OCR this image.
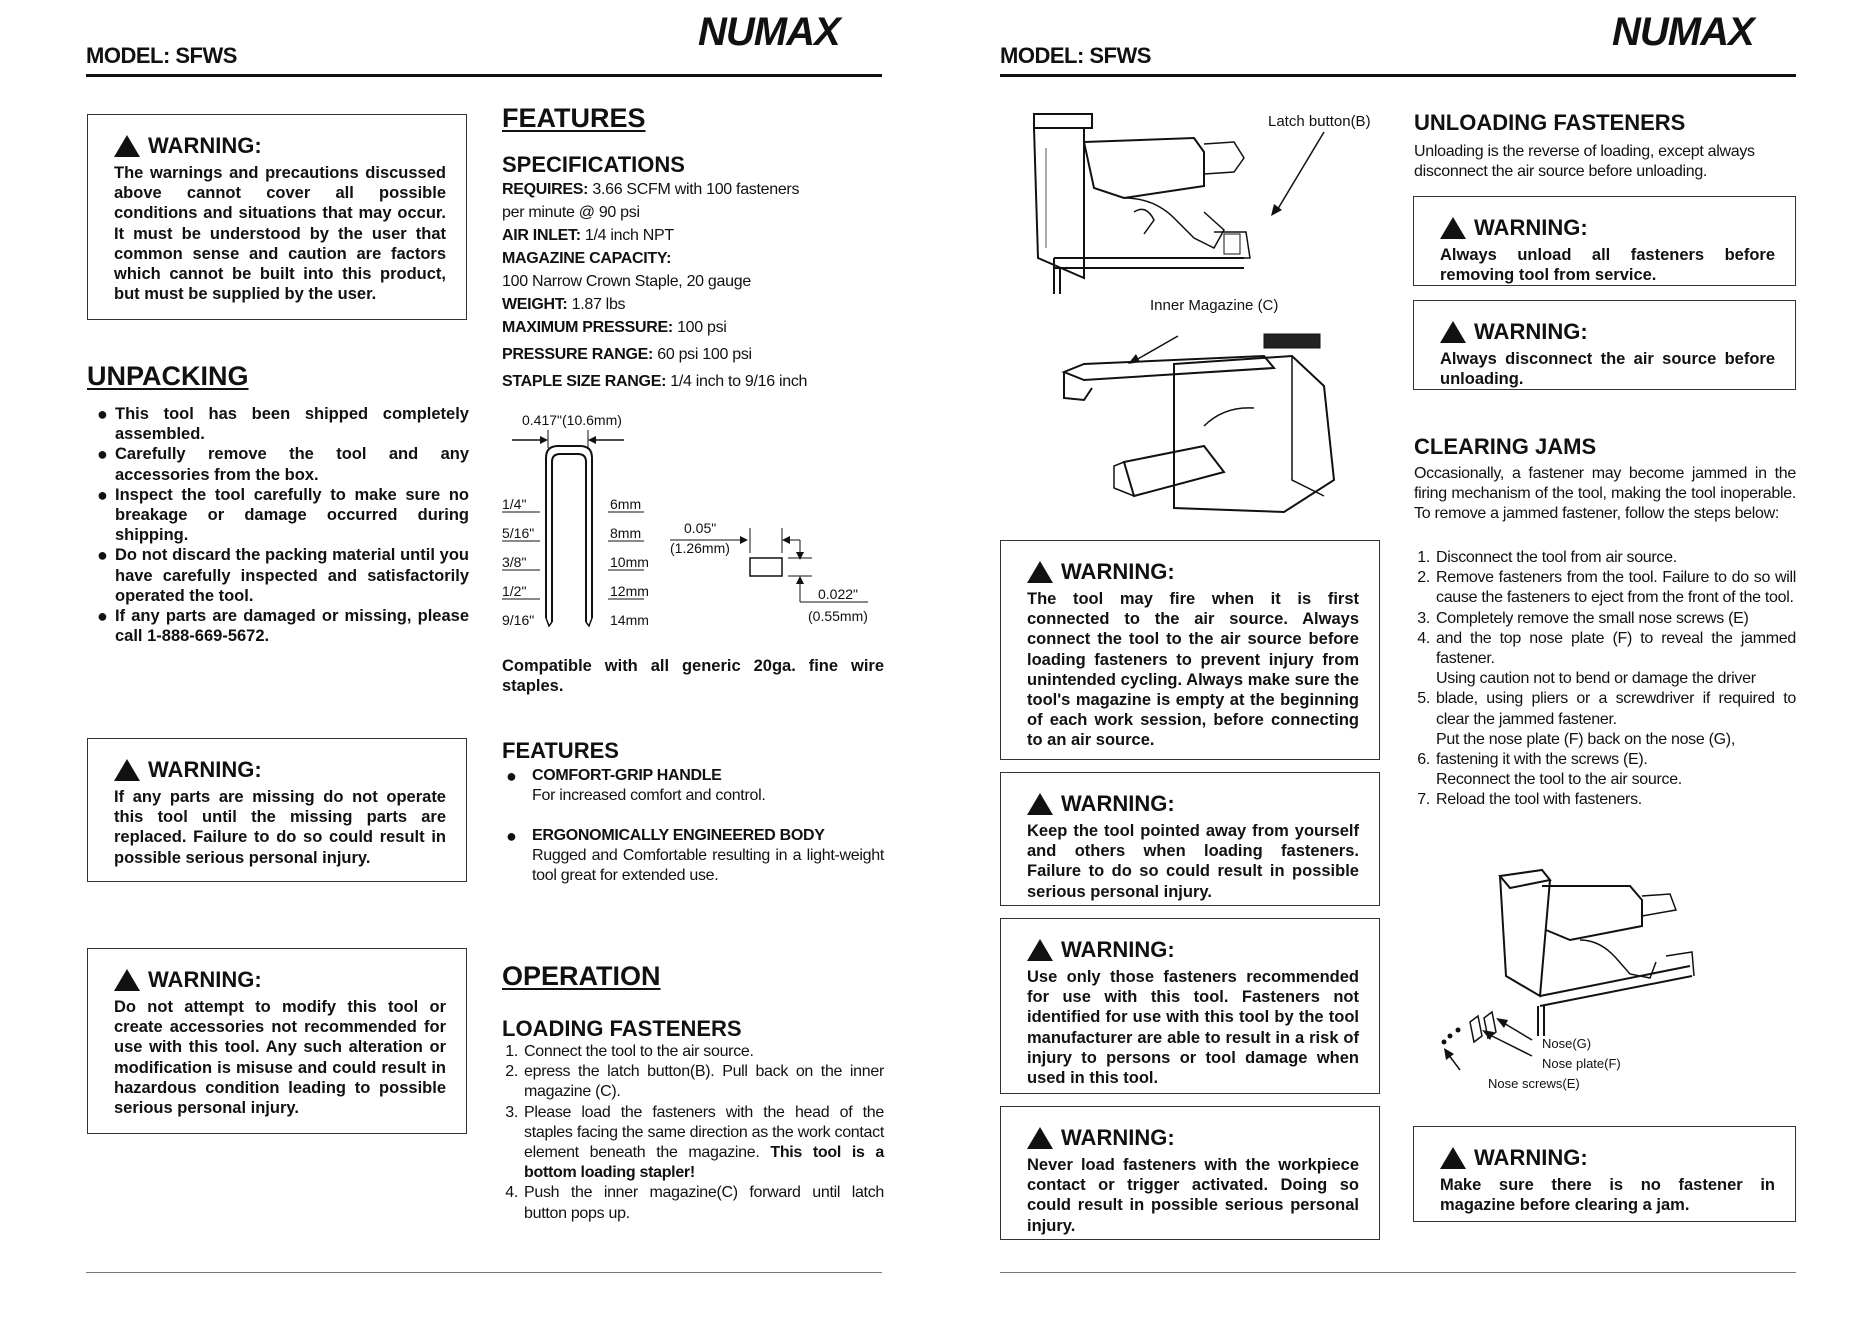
MODEL: SFWS
NUMAX
MODEL: SFWS
NUMAX
WARNING:
The warnings and precautions discussed above cannot cover all possible conditions and situations that may occur. It must be understood by the user that common sense and caution are factors which cannot be built into this product, but must be supplied by the user.
UNPACKING
● This tool has been shipped completely assembled.
● Carefully remove the tool and any accessories from the box.
● Inspect the tool carefully to make sure no breakage or damage occurred during shipping.
● Do not discard the packing material until you have carefully inspected and satisfactorily operated the tool.
● If any parts are damaged or missing, please call 1-888-669-5672.
WARNING:
If any parts are missing do not operate this tool until the missing parts are replaced. Failure to do so could result in possible serious personal injury.
WARNING:
Do not attempt to modify this tool or create accessories not recommended for use with this tool. Any such alteration or modification is misuse and could result in hazardous condition leading to possible serious personal injury.
FEATURES
SPECIFICATIONS
REQUIRES: 3.66 SCFM with 100 fasteners
per minute @ 90 psi
AIR INLET: 1/4 inch NPT
MAGAZINE CAPACITY:
100 Narrow Crown Staple, 20 gauge
WEIGHT: 1.87 lbs
MAXIMUM PRESSURE: 100 psi
PRESSURE RANGE: 60 psi 100 psi
STAPLE SIZE RANGE: 1/4 inch to 9/16 inch
0.417"(10.6mm)
1/4"
5/16"
3/8"
1/2"
9/16"
6mm
8mm
10mm
12mm
14mm
0.05"
(1.26mm)
0.022"
(0.55mm)
Compatible with all generic 20ga. fine wire staples.
FEATURES
● COMFORT-GRIP HANDLE
For increased comfort and control.
● ERGONOMICALLY ENGINEERED BODY
Rugged and Comfortable resulting in a light-weight tool great for extended use.
OPERATION
LOADING FASTENERS
1. Connect the tool to the air source.
2. epress the latch button(B). Pull back on the inner magazine (C).
3. Please load the fasteners with the head of the staples facing the same direction as the work contact element beneath the magazine. This tool is a bottom loading stapler!
4. Push the inner magazine(C) forward until latch button pops up.
Latch button(B)
Inner Magazine (C)
WARNING:
The tool may fire when it is first connected to the air source. Always connect the tool to the air source before loading fasteners to prevent injury from unintended cycling. Always make sure the tool's magazine is empty at the beginning of each work session, before connecting to an air source.
WARNING:
Keep the tool pointed away from yourself and others when loading fasteners. Failure to do so could result in possible serious personal injury.
WARNING:
Use only those fasteners recommended for use with this tool. Fasteners not identified for use with this tool by the tool manufacturer are able to result in a risk of injury to persons or tool damage when used in this tool.
WARNING:
Never load fasteners with the workpiece contact or trigger activated. Doing so could result in possible serious personal injury.
UNLOADING FASTENERS
Unloading is the reverse of loading, except always disconnect the air source before unloading.
WARNING:
Always unload all fasteners before removing tool from service.
WARNING:
Always disconnect the air source before unloading.
CLEARING JAMS
Occasionally, a fastener may become jammed in the firing mechanism of the tool, making the tool inoperable. To remove a jammed fastener, follow the steps below:
1. Disconnect the tool from air source.
2. Remove fasteners from the tool. Failure to do so will cause the fasteners to eject from the front of the tool.
3. Completely remove the small nose screws (E)
4. and the top nose plate (F) to reveal the jammed fastener.
Using caution not to bend or damage the driver
5. blade, using pliers or a screwdriver if required to clear the jammed fastener.
Put the nose plate (F) back on the nose (G),
6. fastening it with the screws (E).
Reconnect the tool to the air source.
7. Reload the tool with fasteners.
Nose(G)
Nose plate(F)
Nose screws(E)
WARNING:
Make sure there is no fastener in magazine before clearing a jam.
